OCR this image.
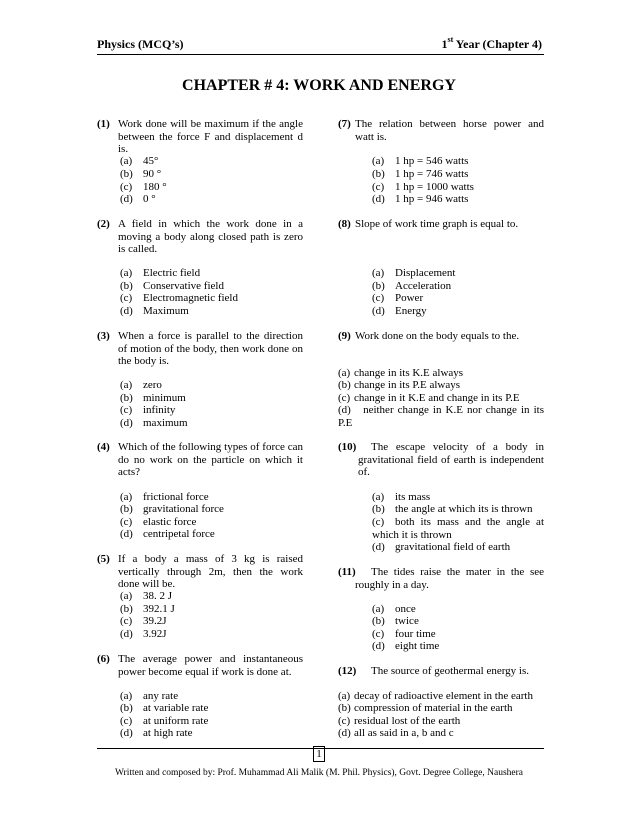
Physics (MCQ’s)	1st Year (Chapter 4)
CHAPTER # 4: WORK AND ENERGY
(1) Work done will be maximum if the angle between the force F and displacement d is.
(a) 45°
(b) 90 °
(c) 180 °
(d) 0 °
(2) A field in which the work done in a moving a body along closed path is zero is called.
(a) Electric field
(b) Conservative field
(c) Electromagnetic field
(d) Maximum
(3) When a force is parallel to the direction of motion of the body, then work done on the body is.
(a) zero
(b) minimum
(c) infinity
(d) maximum
(4) Which of the following types of force can do no work on the particle on which it acts?
(a) frictional force
(b) gravitational force
(c) elastic force
(d) centripetal force
(5) If a body a mass of 3 kg is raised vertically through 2m, then the work done will be.
(a) 38. 2 J
(b) 392.1 J
(c) 39.2J
(d) 3.92J
(6) The average power and instantaneous power become equal if work is done at.
(a) any rate
(b) at variable rate
(c) at uniform rate
(d) at high rate
(7) The relation between horse power and watt is.
(a) 1 hp = 546 watts
(b) 1 hp = 746 watts
(c) 1 hp = 1000 watts
(d) 1 hp = 946 watts
(8) Slope of work time graph is equal to.
(a) Displacement
(b) Acceleration
(c) Power
(d) Energy
(9) Work done on the body equals to the.
(a) change in its K.E always
(b) change in its P.E always
(c) change in it K.E and change in its P.E
(d) neither change in K.E nor change in its P.E
(10)	The escape velocity of a body in gravitational field of earth is independent of.
(a) its mass
(b) the angle at which its is thrown
(c) both its mass and the angle at which it is thrown
(d) gravitational field of earth
(11)	The tides raise the mater in the see roughly in a day.
(a) once
(b) twice
(c) four time
(d) eight time
(12) The source of geothermal energy is.
(a) decay of radioactive element in the earth
(b) compression of material in the earth
(c) residual lost of the earth
(d) all as said in a, b and c
1
Written and composed by: Prof. Muhammad Ali Malik (M. Phil. Physics), Govt. Degree College, Naushera
